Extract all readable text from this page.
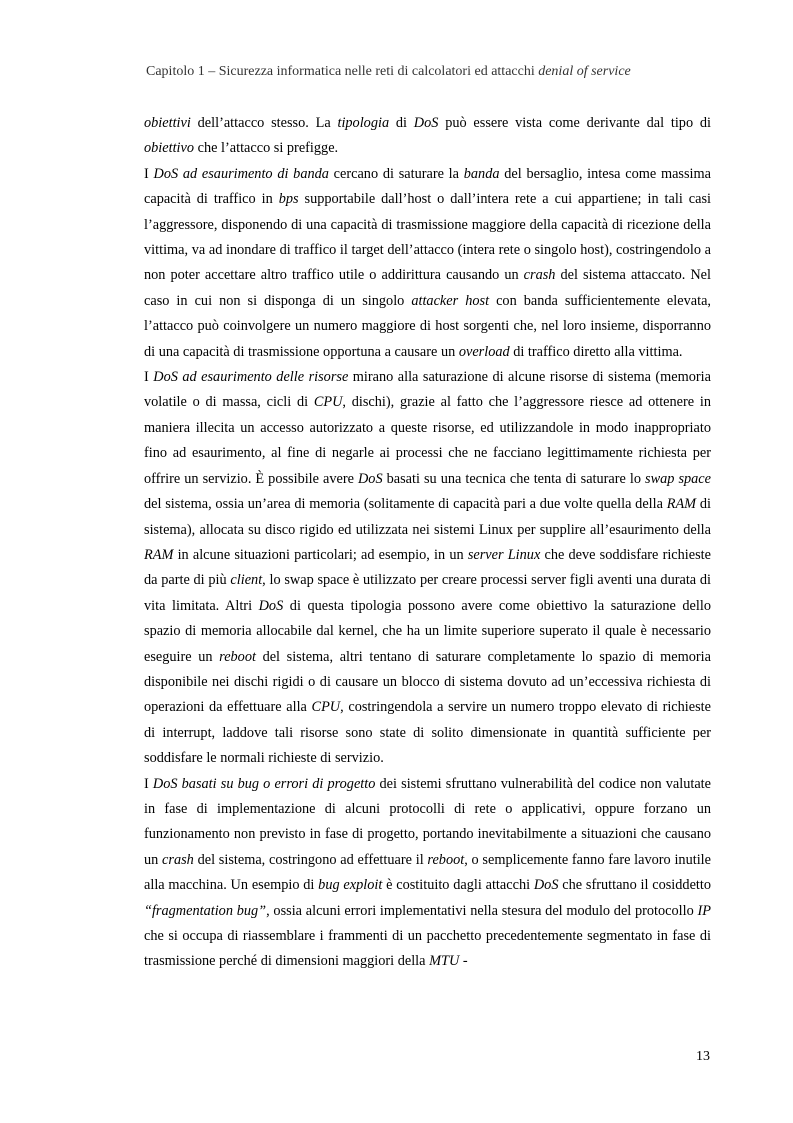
Capitolo 1 – Sicurezza informatica nelle reti di calcolatori ed attacchi denial of service

obiettivi dell’attacco stesso. La tipologia di DoS può essere vista come derivante dal tipo di obiettivo che l’attacco si prefigge.

I DoS ad esaurimento di banda cercano di saturare la banda del bersaglio, intesa come massima capacità di traffico in bps supportabile dall’host o dall’intera rete a cui appartiene; in tali casi l’aggressore, disponendo di una capacità di trasmissione maggiore della capacità di ricezione della vittima, va ad inondare di traffico il target dell’attacco (intera rete o singolo host), costringendolo a non poter accettare altro traffico utile o addirittura causando un crash del sistema attaccato. Nel caso in cui non si disponga di un singolo attacker host con banda sufficientemente elevata, l’attacco può coinvolgere un numero maggiore di host sorgenti che, nel loro insieme, disporranno di una capacità di trasmissione opportuna a causare un overload di traffico diretto alla vittima.

I DoS ad esaurimento delle risorse mirano alla saturazione di alcune risorse di sistema (memoria volatile o di massa, cicli di CPU, dischi), grazie al fatto che l’aggressore riesce ad ottenere in maniera illecita un accesso autorizzato a queste risorse, ed utilizzandole in modo inappropriato fino ad esaurimento, al fine di negarle ai processi che ne facciano legittimamente richiesta per offrire un servizio. È possibile avere DoS basati su una tecnica che tenta di saturare lo swap space del sistema, ossia un’area di memoria (solitamente di capacità pari a due volte quella della RAM di sistema), allocata su disco rigido ed utilizzata nei sistemi Linux per supplire all’esaurimento della RAM in alcune situazioni particolari; ad esempio, in un server Linux che deve soddisfare richieste da parte di più client, lo swap space è utilizzato per creare processi server figli aventi una durata di vita limitata. Altri DoS di questa tipologia possono avere come obiettivo la saturazione dello spazio di memoria allocabile dal kernel, che ha un limite superiore superato il quale è necessario eseguire un reboot del sistema, altri tentano di saturare completamente lo spazio di memoria disponibile nei dischi rigidi o di causare un blocco di sistema dovuto ad un’eccessiva richiesta di operazioni da effettuare alla CPU, costringendola a servire un numero troppo elevato di richieste di interrupt, laddove tali risorse sono state di solito dimensionate in quantità sufficiente per soddisfare le normali richieste di servizio.

I DoS basati su bug o errori di progetto dei sistemi sfruttano vulnerabilità del codice non valutate in fase di implementazione di alcuni protocolli di rete o applicativi, oppure forzano un funzionamento non previsto in fase di progetto, portando inevitabilmente a situazioni che causano un crash del sistema, costringono ad effettuare il reboot, o semplicemente fanno fare lavoro inutile alla macchina. Un esempio di bug exploit è costituito dagli attacchi DoS che sfruttano il cosiddetto “fragmentation bug”, ossia alcuni errori implementativi nella stesura del modulo del protocollo IP che si occupa di riassemblare i frammenti di un pacchetto precedentemente segmentato in fase di trasmissione perché di dimensioni maggiori della MTU -

13
